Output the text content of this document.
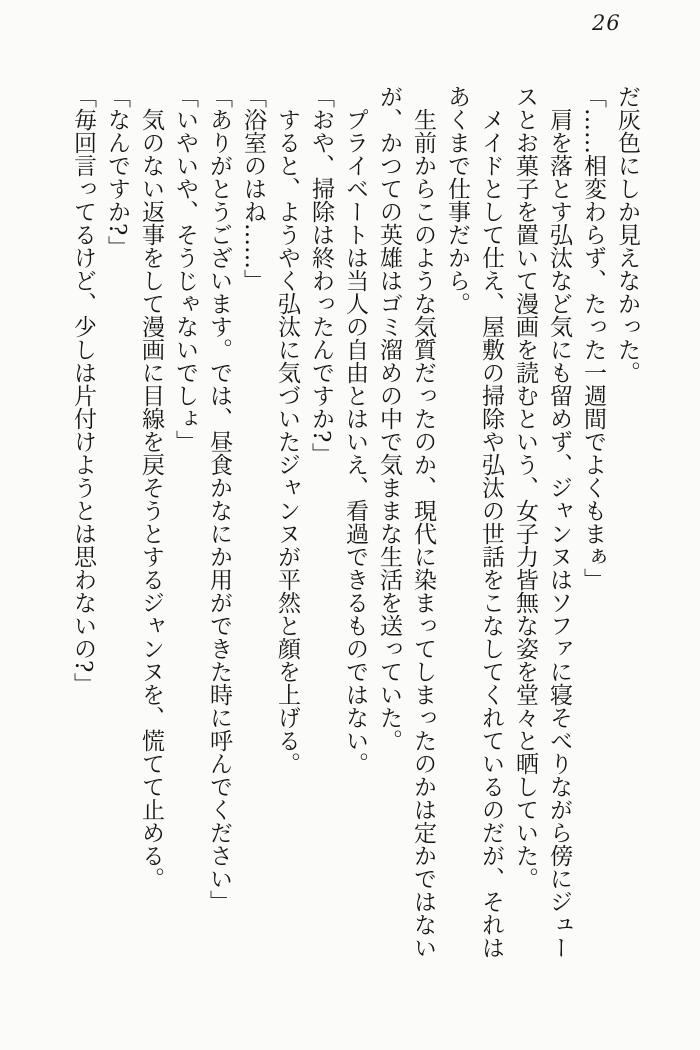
26

だ灰色にしか見えなかった。

「……相変わらず、たった一週間でよくもまぁ」

肩を落とす弘汰など気にも留めず、ジャンヌはソファに寝そべりながら傍にジュー

スとお菓子を置いて漫画を読むという、女子力皆無な姿を堂々と晒していた。

メイドとして仕え、屋敷の掃除や弘汰の世話をこなしてくれているのだが、それは

あくまで仕事だから。

生前からこのような気質だったのか、現代に染まってしまったのかは定かではない

が、かつての英雄はゴミ溜めの中で気ままな生活を送っていた。

プライベートは当人の自由とはいえ、看過できるものではない。

「おや、掃除は終わったんですか?」

すると、ようやく弘汰に気づいたジャンヌが平然と顔を上げる。

「浴室のはね……」

「ありがとうございます。では、昼食かなにか用ができた時に呼んでください」

「いやいや、そうじゃないでしょ」

気のない返事をして漫画に目線を戻そうとするジャンヌを、慌てて止める。

「なんですか?」

「毎回言ってるけど、少しは片付けようとは思わないの?」
